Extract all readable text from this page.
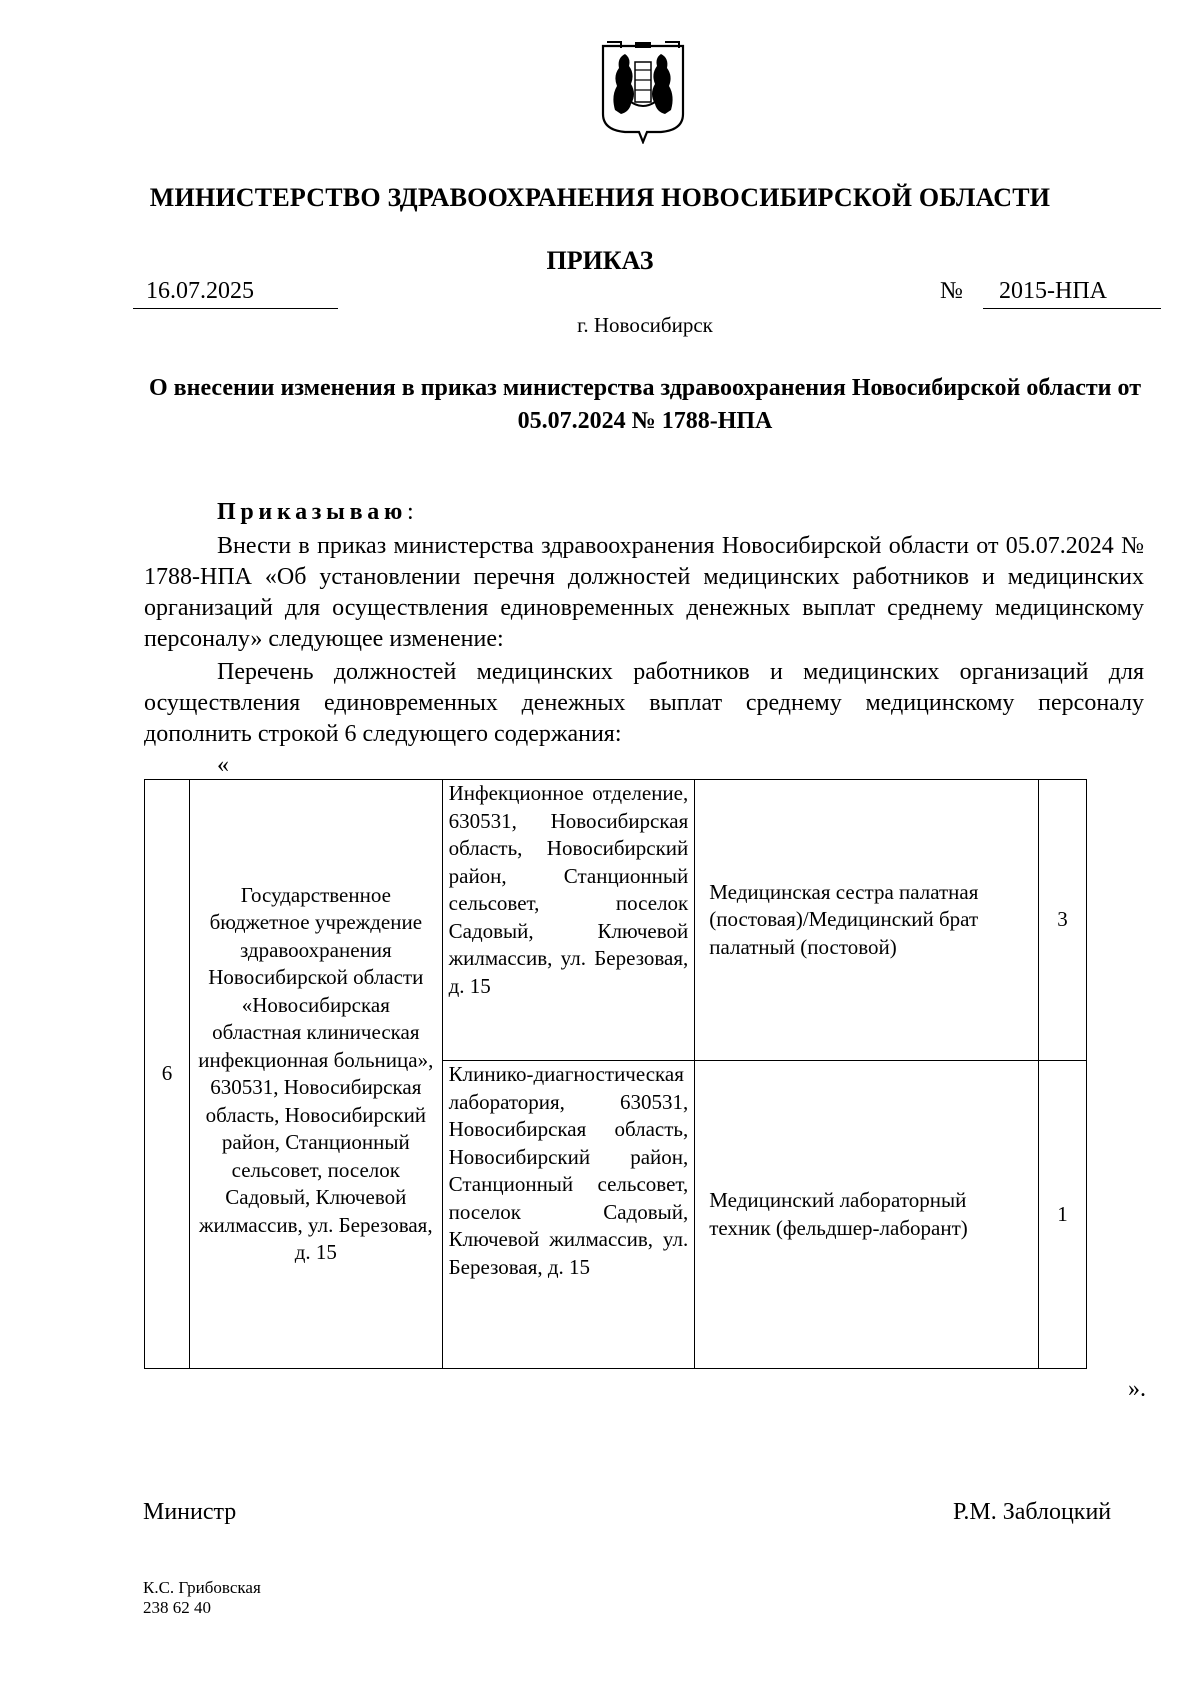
МИНИСТЕРСТВО ЗДРАВООХРАНЕНИЯ НОВОСИБИРСКОЙ ОБЛАСТИ
ПРИКАЗ
16.07.2025	№	2015-НПА
г. Новосибирск
О внесении изменения в приказ министерства здравоохранения Новосибирской области от 05.07.2024 № 1788-НПА
Приказываю:
Внести в приказ министерства здравоохранения Новосибирской области от 05.07.2024 № 1788-НПА «Об установлении перечня должностей медицинских работников и медицинских организаций для осуществления единовременных денежных выплат среднему медицинскому персоналу» следующее изменение:
Перечень должностей медицинских работников и медицинских организаций для осуществления единовременных денежных выплат среднему медицинскому персоналу дополнить строкой 6 следующего содержания:
«
6	Государственное бюджетное учреждение здравоохранения Новосибирской области «Новосибирская областная клиническая инфекционная больница», 630531, Новосибирская область, Новосибирский район, Станционный сельсовет, поселок Садовый, Ключевой жилмассив, ул. Березовая, д. 15	Инфекционное отделение, 630531, Новосибирская область, Новосибирский район, Станционный сельсовет, поселок Садовый, Ключевой жилмассив, ул. Березовая, д. 15	Медицинская сестра палатная (постовая)/Медицинский брат палатный (постовой)	3
		Клинико-диагностическая лаборатория, 630531, Новосибирская область, Новосибирский район, Станционный сельсовет, поселок Садовый, Ключевой жилмассив, ул. Березовая, д. 15	Медицинский лабораторный техник (фельдшер-лаборант)	1
».
Министр	Р.М. Заблоцкий
К.С. Грибовская
238 62 40
